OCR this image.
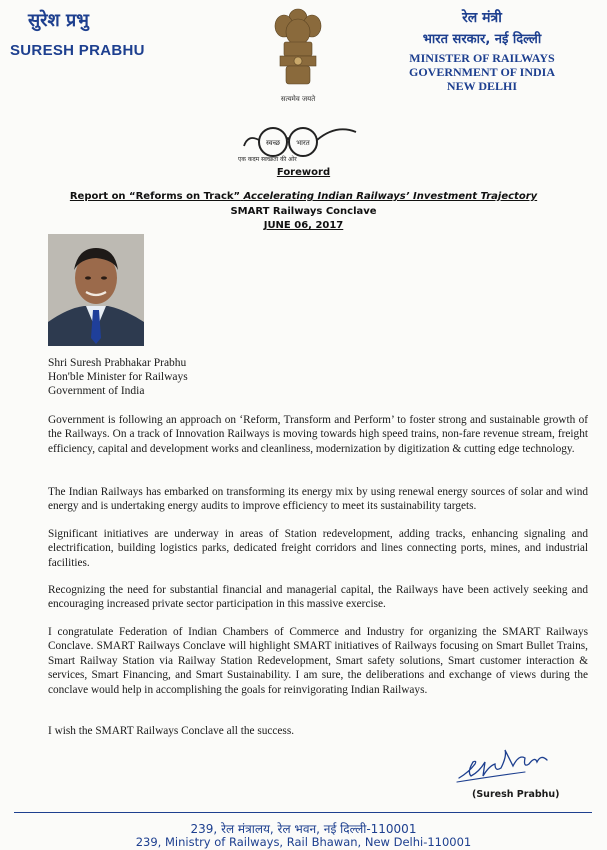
सुरेश प्रभु
SURESH PRABHU
सत्यमेव जयते
रेल मंत्री
भारत सरकार, नई दिल्ली
MINISTER OF RAILWAYS
GOVERNMENT OF INDIA
NEW DELHI
स्वच्छ भारत
एक कदम स्वच्छता की ओर
Foreword
Report on “Reforms on Track” Accelerating Indian Railways’ Investment Trajectory
SMART Railways Conclave
JUNE 06, 2017
Shri Suresh Prabhakar Prabhu
Hon'ble Minister for Railways
Government of India
Government is following an approach on ‘Reform, Transform and Perform’ to foster strong and sustainable growth of the Railways. On a track of Innovation Railways is moving towards high speed trains, non-fare revenue stream, freight efficiency, capital and development works and cleanliness, modernization by digitization & cutting edge technology.
The Indian Railways has embarked on transforming its energy mix by using renewal energy sources of solar and wind energy and is undertaking energy audits to improve efficiency to meet its sustainability targets.
Significant initiatives are underway in areas of Station redevelopment, adding tracks, enhancing signaling and electrification, building logistics parks, dedicated freight corridors and lines connecting ports, mines, and industrial facilities.
Recognizing the need for substantial financial and managerial capital, the Railways have been actively seeking and encouraging increased private sector participation in this massive exercise.
I congratulate Federation of Indian Chambers of Commerce and Industry for organizing the SMART Railways Conclave. SMART Railways Conclave will highlight SMART initiatives of Railways focusing on Smart Bullet Trains, Smart Railway Station via Railway Station Redevelopment, Smart safety solutions, Smart customer interaction & services, Smart Financing, and Smart Sustainability. I am sure, the deliberations and exchange of views during the conclave would help in accomplishing the goals for reinvigorating Indian Railways.
I wish the SMART Railways Conclave all the success.
(Suresh Prabhu)
239, रेल मंत्रालय, रेल भवन, नई दिल्ली-110001
239, Ministry of Railways, Rail Bhawan, New Delhi-110001
